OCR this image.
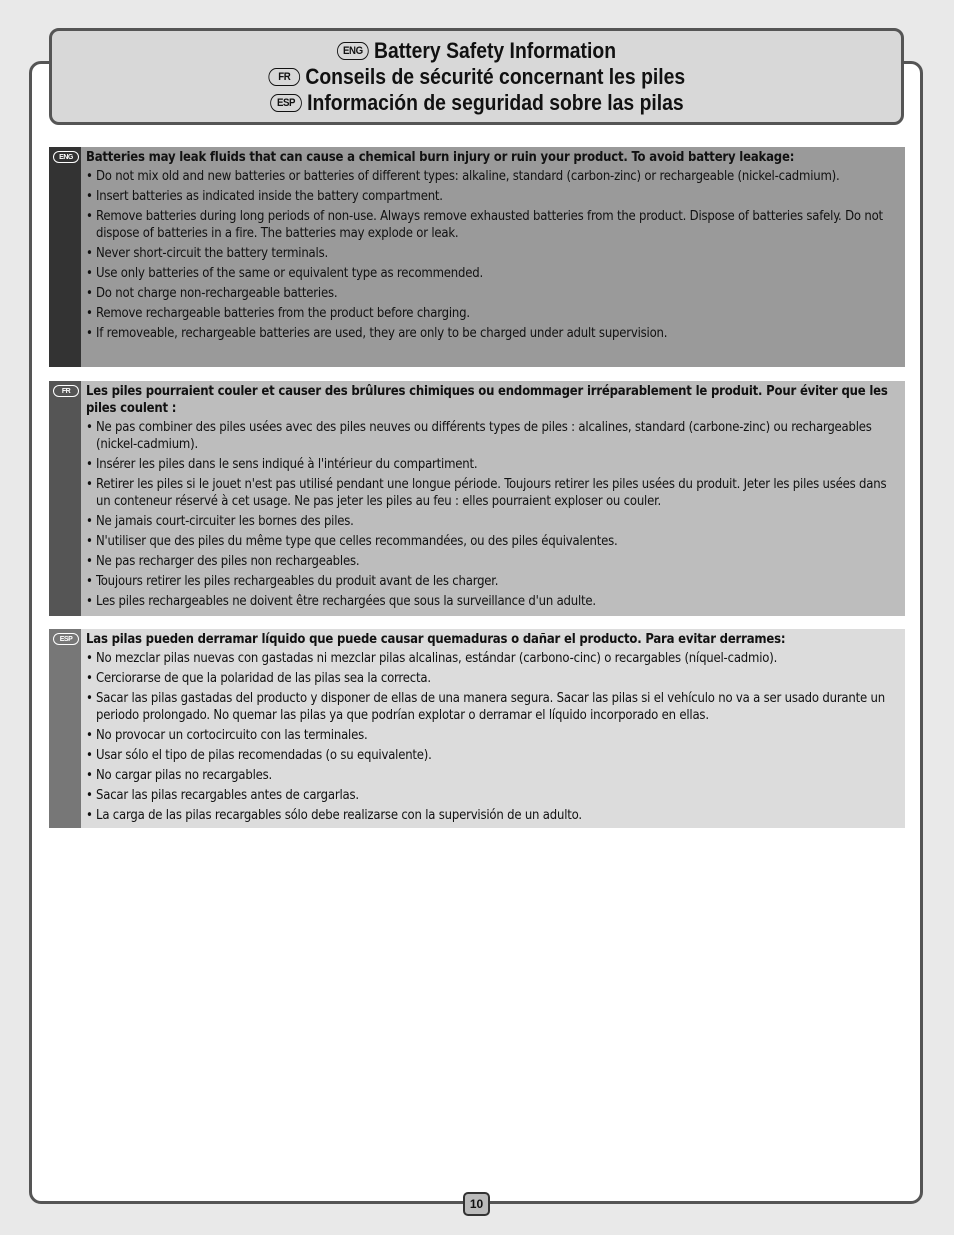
ENG Battery Safety Information
FR Conseils de sécurité concernant les piles
ESP Información de seguridad sobre las pilas
ENG	Batteries may leak fluids that can cause a chemical burn injury or ruin your product. To avoid battery leakage:
• Do not mix old and new batteries or batteries of different types: alkaline, standard (carbon-zinc) or rechargeable (nickel-cadmium).
• Insert batteries as indicated inside the battery compartment.
• Remove batteries during long periods of non-use. Always remove exhausted batteries from the product. Dispose of batteries safely. Do not dispose of batteries in a fire. The batteries may explode or leak.
• Never short-circuit the battery terminals.
• Use only batteries of the same or equivalent type as recommended.
• Do not charge non-rechargeable batteries.
• Remove rechargeable batteries from the product before charging.
• If removeable, rechargeable batteries are used, they are only to be charged under adult supervision.
FR	Les piles pourraient couler et causer des brûlures chimiques ou endommager irréparablement le produit. Pour éviter que les piles coulent :
• Ne pas combiner des piles usées avec des piles neuves ou différents types de piles : alcalines, standard (carbone-zinc) ou rechargeables (nickel-cadmium).
• Insérer les piles dans le sens indiqué à l'intérieur du compartiment.
• Retirer les piles si le jouet n'est pas utilisé pendant une longue période. Toujours retirer les piles usées du produit. Jeter les piles usées dans un conteneur réservé à cet usage. Ne pas jeter les piles au feu : elles pourraient exploser ou couler.
• Ne jamais court-circuiter les bornes des piles.
• N'utiliser que des piles du même type que celles recommandées, ou des piles équivalentes.
• Ne pas recharger des piles non rechargeables.
• Toujours retirer les piles rechargeables du produit avant de les charger.
• Les piles rechargeables ne doivent être rechargées que sous la surveillance d'un adulte.
ESP	Las pilas pueden derramar líquido que puede causar quemaduras o dañar el producto. Para evitar derrames:
• No mezclar pilas nuevas con gastadas ni mezclar pilas alcalinas, estándar (carbono-cinc) o recargables (níquel-cadmio).
• Cerciorarse de que la polaridad de las pilas sea la correcta.
• Sacar las pilas gastadas del producto y disponer de ellas de una manera segura. Sacar las pilas si el vehículo no va a ser usado durante un periodo prolongado. No quemar las pilas ya que podrían explotar o derramar el líquido incorporado en ellas.
• No provocar un cortocircuito con las terminales.
• Usar sólo el tipo de pilas recomendadas (o su equivalente).
• No cargar pilas no recargables.
• Sacar las pilas recargables antes de cargarlas.
• La carga de las pilas recargables sólo debe realizarse con la supervisión de un adulto.
10
